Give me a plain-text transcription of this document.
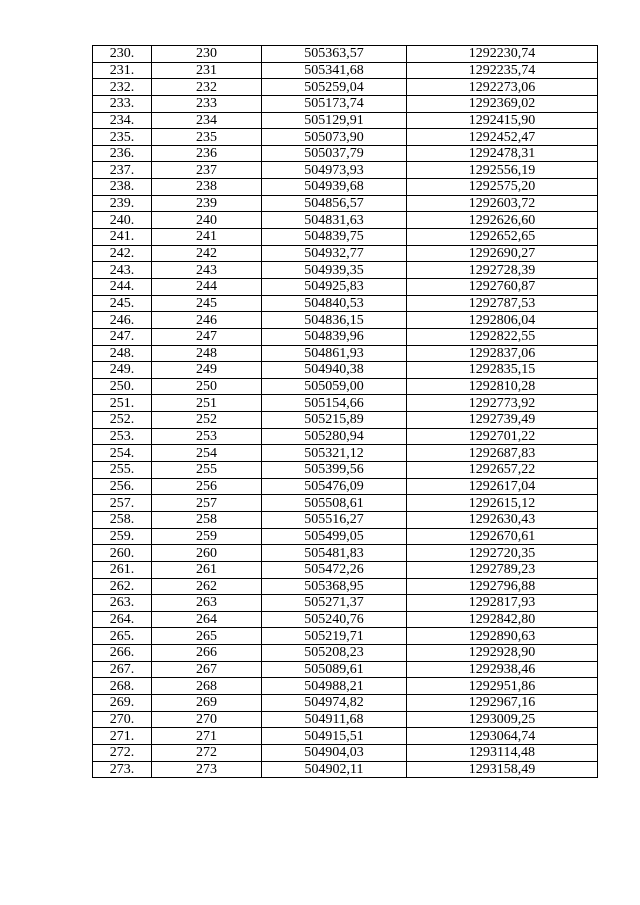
230.	230	505363,57	1292230,74
231.	231	505341,68	1292235,74
232.	232	505259,04	1292273,06
233.	233	505173,74	1292369,02
234.	234	505129,91	1292415,90
235.	235	505073,90	1292452,47
236.	236	505037,79	1292478,31
237.	237	504973,93	1292556,19
238.	238	504939,68	1292575,20
239.	239	504856,57	1292603,72
240.	240	504831,63	1292626,60
241.	241	504839,75	1292652,65
242.	242	504932,77	1292690,27
243.	243	504939,35	1292728,39
244.	244	504925,83	1292760,87
245.	245	504840,53	1292787,53
246.	246	504836,15	1292806,04
247.	247	504839,96	1292822,55
248.	248	504861,93	1292837,06
249.	249	504940,38	1292835,15
250.	250	505059,00	1292810,28
251.	251	505154,66	1292773,92
252.	252	505215,89	1292739,49
253.	253	505280,94	1292701,22
254.	254	505321,12	1292687,83
255.	255	505399,56	1292657,22
256.	256	505476,09	1292617,04
257.	257	505508,61	1292615,12
258.	258	505516,27	1292630,43
259.	259	505499,05	1292670,61
260.	260	505481,83	1292720,35
261.	261	505472,26	1292789,23
262.	262	505368,95	1292796,88
263.	263	505271,37	1292817,93
264.	264	505240,76	1292842,80
265.	265	505219,71	1292890,63
266.	266	505208,23	1292928,90
267.	267	505089,61	1292938,46
268.	268	504988,21	1292951,86
269.	269	504974,82	1292967,16
270.	270	504911,68	1293009,25
271.	271	504915,51	1293064,74
272.	272	504904,03	1293114,48
273.	273	504902,11	1293158,49
